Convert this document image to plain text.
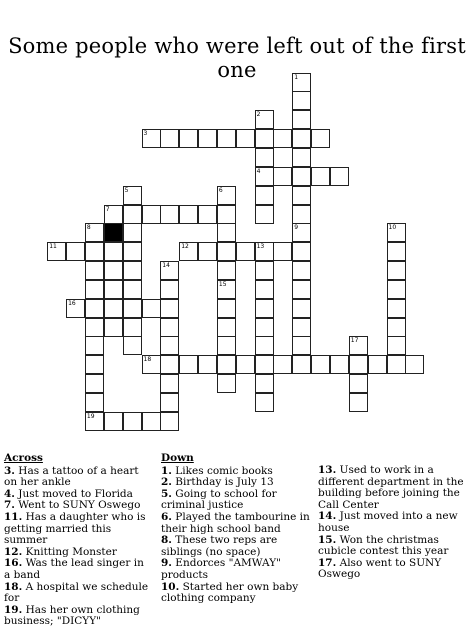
Some people who were left out of the first one
4
7
11	12	13
16
18
19
1
2
5	6
15
8	9	10
14
17
3
Across
3. Has a tattoo of a heart on her ankle
4. Just moved to Florida
7. Went to SUNY Oswego
11. Has a daughter who is getting married this summer
12. Knitting Monster
16. Was the lead singer in a band
18. A hospital we schedule for
19. Has her own clothing business; "DICYY"
Down
1. Likes comic books
2. Birthday is July 13
5. Going to school for criminal justice
6. Played the tambourine in their high school band
8. These two reps are siblings (no space)
9. Endorces "AMWAY" products
10. Started her own baby clothing company
13. Used to work in a different department in the building before joining the Call Center
14. Just moved into a new house
15. Won the christmas cubicle contest this year
17. Also went to SUNY Oswego
